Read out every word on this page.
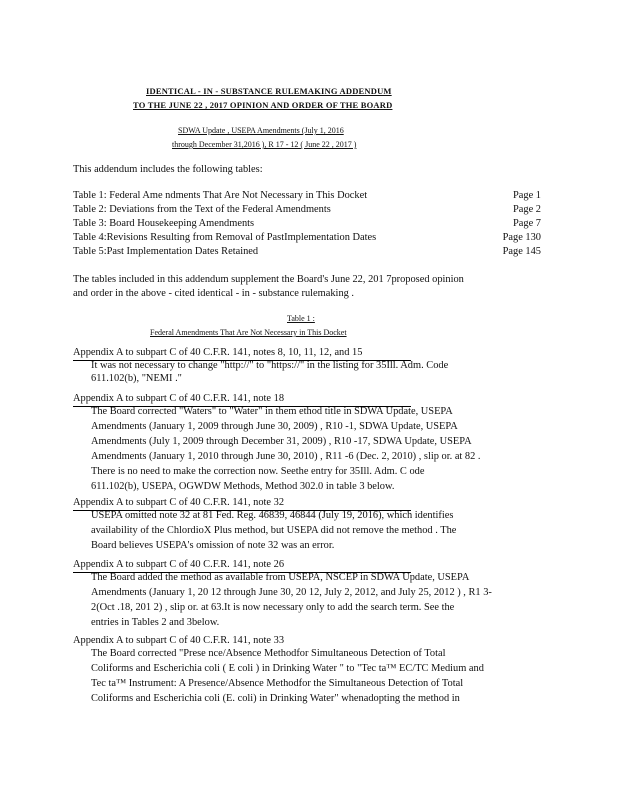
IDENTICAL - IN - SUBSTANCE RULEMAKING ADDENDUM
TO THE JUNE 22 , 2017 OPINION AND ORDER OF THE BOARD
SDWA Update , USEPA Amendments (July 1, 2016
through December 31,2016 ), R 17 - 12 ( June 22 , 2017 )
This addendum includes the following tables:
Table 1: Federal Ame ndments That Are Not Necessary in This Docket	Page 1
Table 2: Deviations from the Text of the Federal Amendments	Page 2
Table 3: Board Housekeeping Amendments	Page 7
Table 4:Revisions Resulting from Removal of PastImplementation Dates	Page 130
Table 5:Past Implementation Dates Retained	Page 145
The tables included in this addendum supplement the Board's June 22, 201 7proposed opinion
and order in the above - cited identical - in - substance rulemaking .
Table 1 :
Federal Amendments That Are Not Necessary in This Docket
Appendix A to subpart C of 40 C.F.R. 141, notes 8, 10, 11, 12, and 15
It was not necessary to change "http://" to "https://" in the listing for 35Ill. Adm. Code
611.102(b), "NEMI ."
Appendix A to subpart C of 40 C.F.R. 141, note 18
The Board corrected "Waters" to "Water" in them ethod title in SDWA Update, USEPA
Amendments (January 1, 2009 through June 30, 2009) , R10 -1, SDWA Update, USEPA
Amendments (July 1, 2009 through December 31, 2009) , R10 -17, SDWA Update, USEPA
Amendments (January 1, 2010 through June 30, 2010) , R11 -6 (Dec. 2, 2010) , slip or. at 82 .
There is no need to make the correction now. Seethe entry for 35Ill. Adm. C ode
611.102(b), USEPA, OGWDW Methods, Method 302.0 in table 3 below.
Appendix A to subpart C of 40 C.F.R. 141, note 32
USEPA omitted note 32 at 81 Fed. Reg. 46839, 46844 (July 19, 2016), which identifies
availability of the ChlordioX Plus method, but USEPA did not remove the method . The
Board believes USEPA's omission of note 32 was an error.
Appendix A to subpart C of 40 C.F.R. 141, note 26
The Board added the method as available from USEPA, NSCEP in SDWA Update, USEPA
Amendments (January 1, 20 12 through June 30, 20 12, July 2, 2012, and July 25, 2012 ) , R1 3-
2(Oct .18, 201 2) , slip or. at 63.It is now necessary only to add the search term. See the
entries in Tables 2 and 3below.
Appendix A to subpart C of 40 C.F.R. 141, note 33
The Board corrected "Prese nce/Absence Methodfor Simultaneous Detection of Total
Coliforms and Escherichia coli ( E coli ) in Drinking Water " to "Tec ta™ EC/TC Medium and
Tec ta™ Instrument: A Presence/Absence Methodfor the Simultaneous Detection of Total
Coliforms and Escherichia coli (E. coli) in Drinking Water" whenadopting the method in
